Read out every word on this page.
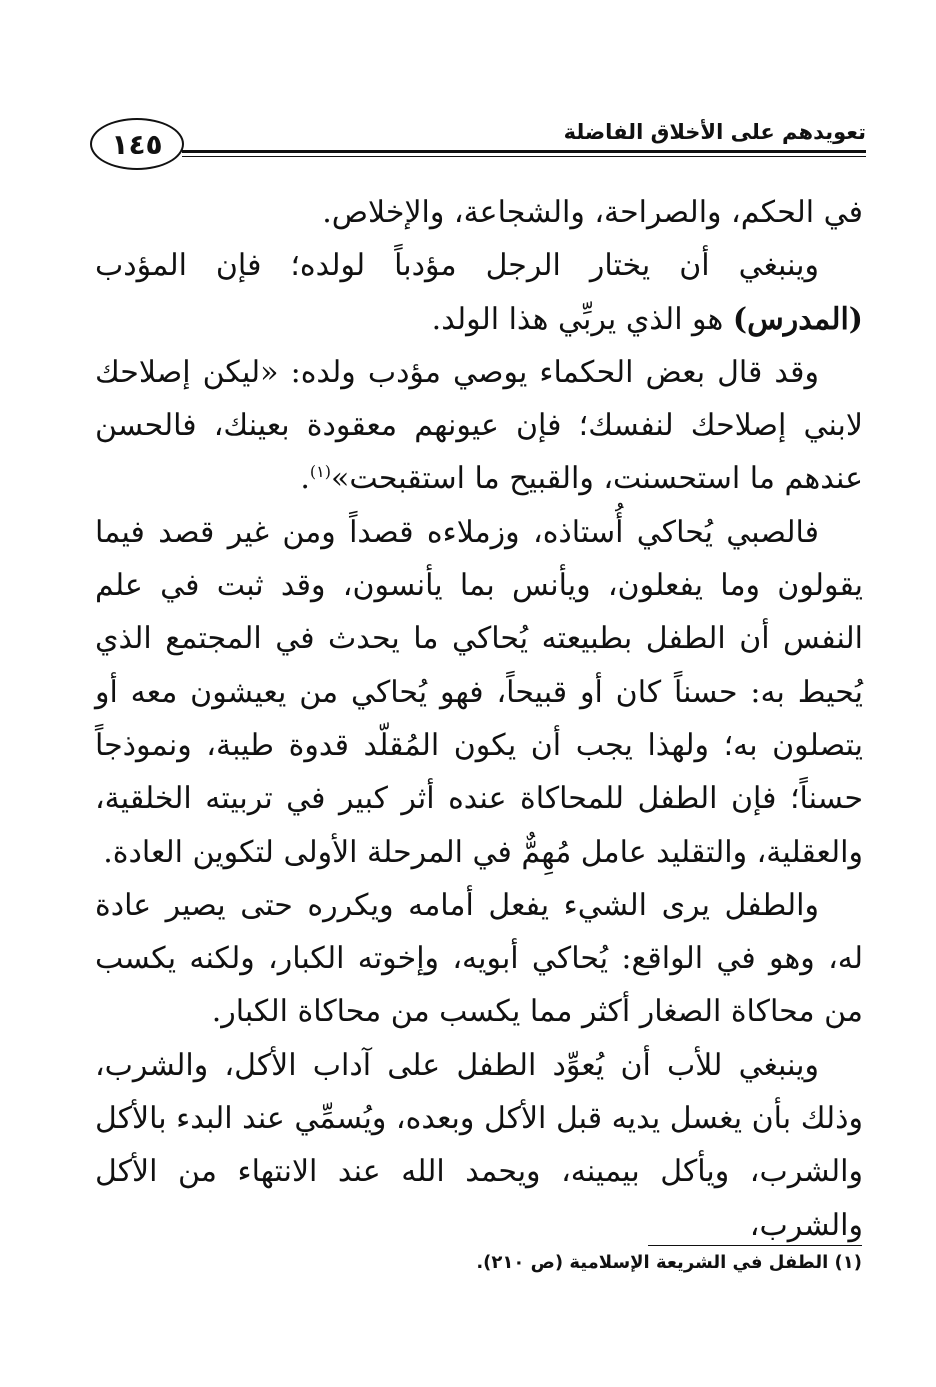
١٤٥	تعويدهم على الأخلاق الفاضلة

في الحكم، والصراحة، والشجاعة، والإخلاص.

وينبغي أن يختار الرجل مؤدباً لولده؛ فإن المؤدب (المدرس) هو الذي يربِّي هذا الولد.

وقد قال بعض الحكماء يوصي مؤدب ولده: «ليكن إصلاحك لابني إصلاحك لنفسك؛ فإن عيونهم معقودة بعينك، فالحسن عندهم ما استحسنت، والقبيح ما استقبحت»$^{(١)}$.

فالصبي يُحاكي أُستاذه، وزملاءه قصداً ومن غير قصد فيما يقولون وما يفعلون، ويأنس بما يأنسون، وقد ثبت في علم النفس أن الطفل بطبيعته يُحاكي ما يحدث في المجتمع الذي يُحيط به: حسناً كان أو قبيحاً، فهو يُحاكي من يعيشون معه أو يتصلون به؛ ولهذا يجب أن يكون المُقلّد قدوة طيبة، ونموذجاً حسناً؛ فإن الطفل للمحاكاة عنده أثر كبير في تربيته الخلقية، والعقلية، والتقليد عامل مُهِمٌّ في المرحلة الأولى لتكوين العادة.

والطفل يرى الشيء يفعل أمامه ويكرره حتى يصير عادة له، وهو في الواقع: يُحاكي أبويه، وإخوته الكبار، ولكنه يكسب من محاكاة الصغار أكثر مما يكسب من محاكاة الكبار.

وينبغي للأب أن يُعوِّد الطفل على آداب الأكل، والشرب، وذلك بأن يغسل يديه قبل الأكل وبعده، ويُسمِّي عند البدء بالأكل والشرب، ويأكل بيمينه، ويحمد الله عند الانتهاء من الأكل والشرب،

(١) الطفل في الشريعة الإسلامية (ص ٢١٠).
